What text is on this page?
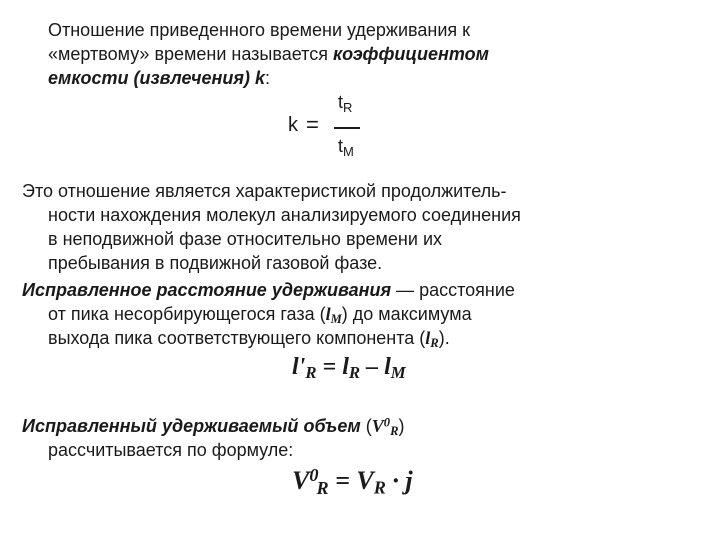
Отношение приведенного времени удерживания к
«мертвому» времени называется коэффициентом
емкости (извлечения) k:
k =
$t_R$
$t_M$
Это отношение является характеристикой продолжитель-
ности нахождения молекул анализируемого соединения
в неподвижной фазе относительно времени их
пребывания в подвижной газовой фазе.
Исправленное расстояние удерживания — расстояние
от пика несорбирующегося газа $(l_M)$ до максимума
выхода пика соответствующего компонента $(l_R)$.
$l'_R = l_R - l_M$
Исправленный удерживаемый объем $(V^0_R)$
рассчитывается по формуле:
$V^0_R = V_R \cdot j$
